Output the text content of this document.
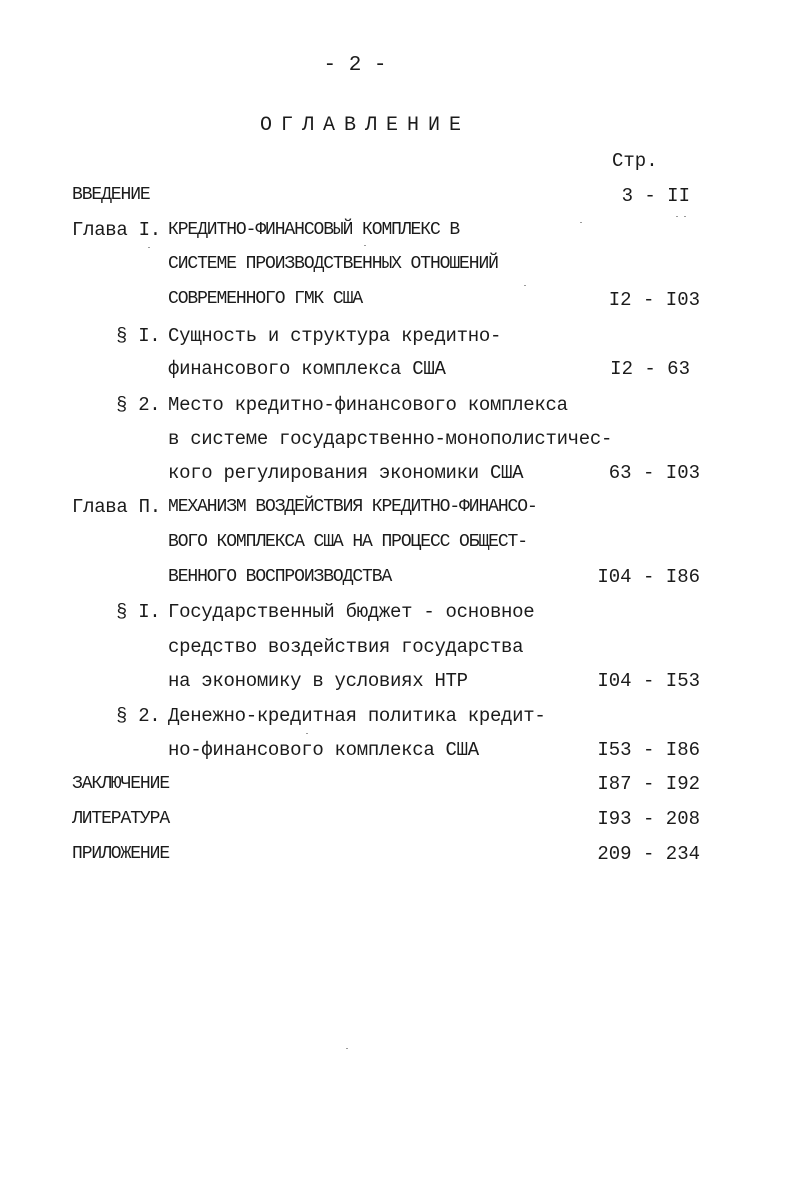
- 2 -
ОГЛАВЛЕНИЕ
Стр.
ВВЕДЕНИЕ	3 - II
Глава I. КРЕДИТНО-ФИНАНСОВЫЙ КОМПЛЕКС В
СИСТЕМЕ ПРОИЗВОДСТВЕННЫХ ОТНОШЕНИЙ
СОВРЕМЕННОГО ГМК США	I2 - I03
§ I. Сущность и структура кредитно-
финансового комплекса США	I2 - 63
§ 2. Место кредитно-финансового комплекса
в системе государственно-монополистичес-
кого регулирования экономики США	63 - I03
Глава П. МЕХАНИЗМ ВОЗДЕЙСТВИЯ КРЕДИТНО-ФИНАНСО-
ВОГО КОМПЛЕКСА США НА ПРОЦЕСС ОБЩЕСТ-
ВЕННОГО ВОСПРОИЗВОДСТВА	I04 - I86
§ I. Государственный бюджет - основное
средство воздействия государства
на экономику в условиях НТР	I04 - I53
§ 2. Денежно-кредитная политика кредит-
но-финансового комплекса США	I53 - I86
ЗАКЛЮЧЕНИЕ	I87 - I92
ЛИТЕРАТУРА	I93 - 208
ПРИЛОЖЕНИЕ	209 - 234
